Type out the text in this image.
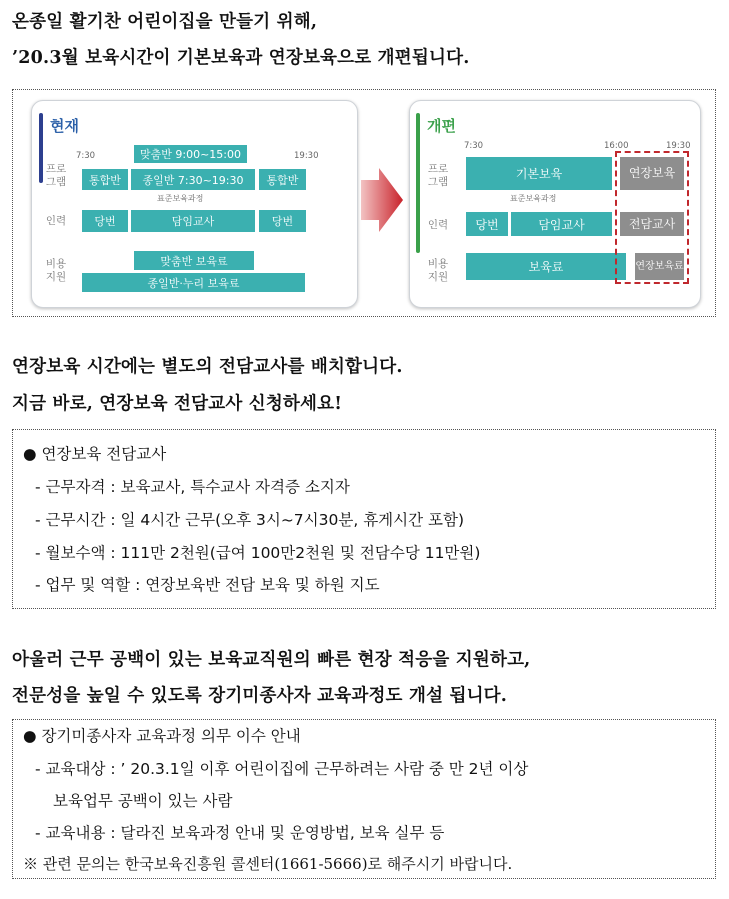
온종일 활기찬 어린이집을 만들기 위해,
’20.3월 보육시간이 기본보육과 연장보육으로 개편됩니다.
현재
7:30	19:30
프로그램
인력
비용지원
맞춤반 9:00~15:00
통합반	종일반 7:30~19:30	통합반
표준보육과정
당번	담임교사	당번
맞춤반 보육료
종일반·누리 보육료
개편
7:30	16:00	19:30
프로그램
인력
비용지원
기본보육
표준보육과정
당번	담임교사
보육료
연장보육
전담교사
연장보육료
연장보육 시간에는 별도의 전담교사를 배치합니다.
지금 바로, 연장보육 전담교사 신청하세요!
● 연장보육 전담교사
- 근무자격 : 보육교사, 특수교사 자격증 소지자
- 근무시간 : 일 4시간 근무(오후 3시~7시30분, 휴게시간 포함)
- 월보수액 : 111만 2천원(급여 100만2천원 및 전담수당 11만원)
- 업무 및 역할 : 연장보육반 전담 보육 및 하원 지도
아울러 근무 공백이 있는 보육교직원의 빠른 현장 적응을 지원하고,
전문성을 높일 수 있도록 장기미종사자 교육과정도 개설 됩니다.
● 장기미종사자 교육과정 의무 이수 안내
- 교육대상 : ’ 20.3.1일 이후 어린이집에 근무하려는 사람 중 만 2년 이상
보육업무 공백이 있는 사람
- 교육내용 : 달라진 보육과정 안내 및 운영방법, 보육 실무 등
※ 관련 문의는 한국보육진흥원 콜센터(1661-5666)로 해주시기 바랍니다.
